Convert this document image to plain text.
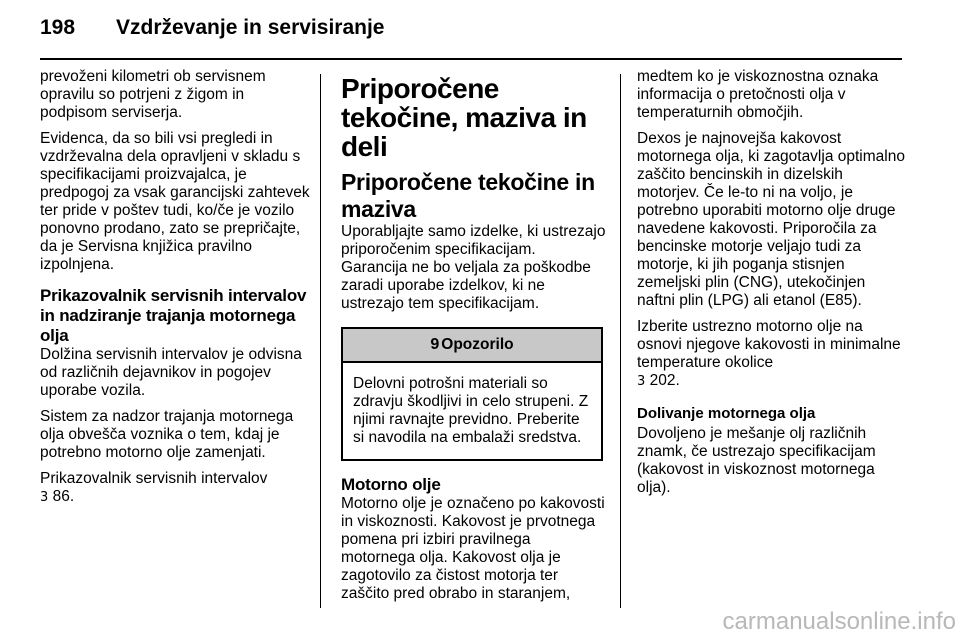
198 Vzdrževanje in servisiranje

prevoženi kilometri ob servisnem opravilu so potrjeni z žigom in podpisom serviserja.

Evidenca, da so bili vsi pregledi in vzdrževalna dela opravljeni v skladu s specifikacijami proizvajalca, je predpogoj za vsak garancijski zahtevek ter pride v poštev tudi, ko/če je vozilo ponovno prodano, zato se prepričajte, da je Servisna knjižica pravilno izpolnjena.

Prikazovalnik servisnih intervalov in nadziranje trajanja motornega olja

Dolžina servisnih intervalov je odvisna od različnih dejavnikov in pogojev uporabe vozila.

Sistem za nadzor trajanja motornega olja obvešča voznika o tem, kdaj je potrebno motorno olje zamenjati.

Prikazovalnik servisnih intervalov

3 86.

Priporočene tekočine, maziva in deli
Priporočene tekočine in maziva

Uporabljajte samo izdelke, ki ustrezajo priporočenim specifikacijam. Garancija ne bo veljala za poškodbe zaradi uporabe izdelkov, ki ne ustrezajo tem specifikacijam.

9 Opozorilo

Delovni potrošni materiali so zdravju škodljivi in celo strupeni. Z njimi ravnajte previdno. Preberite si navodila na embalaži sredstva.

Motorno olje

Motorno olje je označeno po kakovosti in viskoznosti. Kakovost je prvotnega pomena pri izbiri pravilnega motornega olja. Kakovost olja je zagotovilo za čistost motorja ter zaščito pred obrabo in staranjem,

medtem ko je viskoznostna oznaka informacija o pretočnosti olja v temperaturnih območjih.

Dexos je najnovejša kakovost motornega olja, ki zagotavlja optimalno zaščito bencinskih in dizelskih motorjev. Če le-to ni na voljo, je potrebno uporabiti motorno olje druge navedene kakovosti. Priporočila za bencinske motorje veljajo tudi za motorje, ki jih poganja stisnjen zemeljski plin (CNG), utekočinjen naftni plin (LPG) ali etanol (E85).

Izberite ustrezno motorno olje na osnovi njegove kakovosti in minimalne temperature okolice

3 202.

Dolivanje motornega olja

Dovoljeno je mešanje olj različnih znamk, če ustrezajo specifikacijam (kakovost in viskoznost motornega olja).

carmanualsonline.info
